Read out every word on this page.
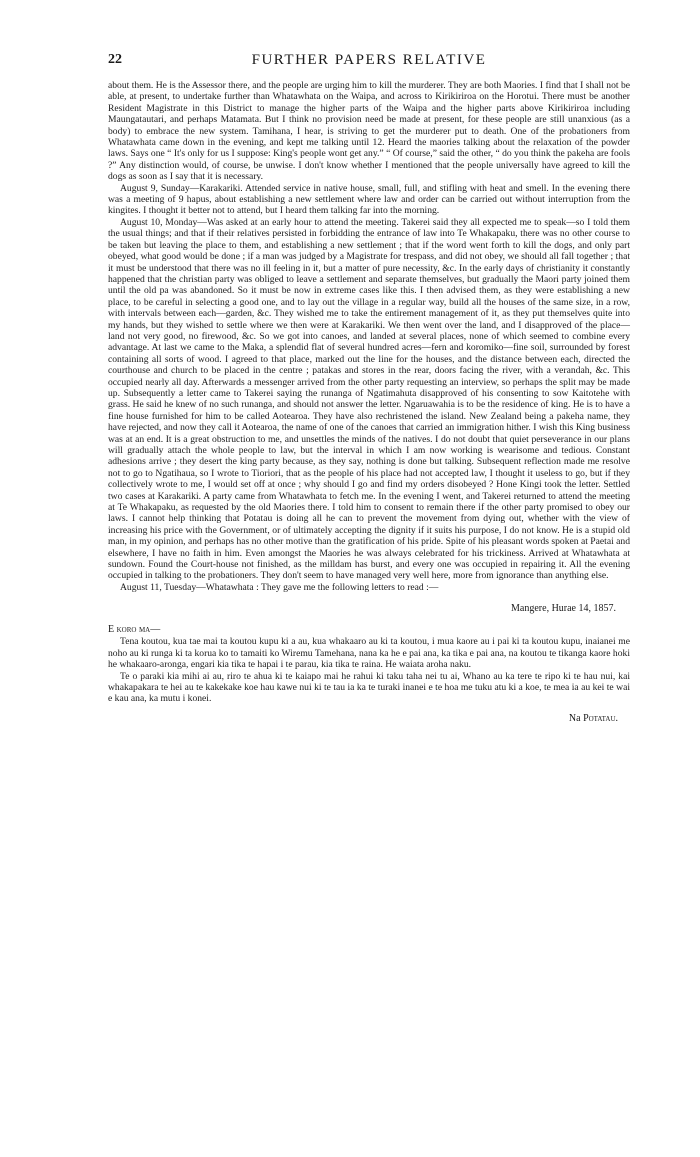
22	FURTHER PAPERS RELATIVE

about them. He is the Assessor there, and the people are urging him to kill the murderer. They are both Maories. I find that I shall not be able, at present, to undertake further than Whatawhata on the Waipa, and across to Kirikiriroa on the Horotui. There must be another Resident Magistrate in this District to manage the higher parts of the Waipa and the higher parts above Kirikiriroa including Maungatautari, and perhaps Matamata. But I think no provision need be made at present, for these people are still unanxious (as a body) to embrace the new system. Tamihana, I hear, is striving to get the murderer put to death. One of the probationers from Whatawhata came down in the evening, and kept me talking until 12. Heard the maories talking about the relaxation of the powder laws. Says one “ It's only for us I suppose: King's people wont get any.” “ Of course,” said the other, “ do you think the pakeha are fools ?” Any distinction would, of course, be unwise. I don't know whether I mentioned that the people universally have agreed to kill the dogs as soon as I say that it is necessary.

August 9, Sunday—Karakariki. Attended service in native house, small, full, and stifling with heat and smell. In the evening there was a meeting of 9 hapus, about establishing a new settlement where law and order can be carried out without interruption from the kingites. I thought it better not to attend, but I heard them talking far into the morning.

August 10, Monday—Was asked at an early hour to attend the meeting. Takerei said they all expected me to speak—so I told them the usual things; and that if their relatives persisted in forbidding the entrance of law into Te Whakapaku, there was no other course to be taken but leaving the place to them, and establishing a new settlement ; that if the word went forth to kill the dogs, and only part obeyed, what good would be done ; if a man was judged by a Magistrate for trespass, and did not obey, we should all fall together ; that it must be understood that there was no ill feeling in it, but a matter of pure necessity, &c. In the early days of christianity it constantly happened that the christian party was obliged to leave a settlement and separate themselves, but gradually the Maori party joined them until the old pa was abandoned. So it must be now in extreme cases like this. I then advised them, as they were establishing a new place, to be careful in selecting a good one, and to lay out the village in a regular way, build all the houses of the same size, in a row, with intervals between each—garden, &c. They wished me to take the entirement management of it, as they put themselves quite into my hands, but they wished to settle where we then were at Karakariki. We then went over the land, and I disapproved of the place—land not very good, no firewood, &c. So we got into canoes, and landed at several places, none of which seemed to combine every advantage. At last we came to the Maka, a splendid flat of several hundred acres—fern and koromiko—fine soil, surrounded by forest containing all sorts of wood. I agreed to that place, marked out the line for the houses, and the distance between each, directed the courthouse and church to be placed in the centre ; patakas and stores in the rear, doors facing the river, with a verandah, &c. This occupied nearly all day. Afterwards a messenger arrived from the other party requesting an interview, so perhaps the split may be made up. Subsequently a letter came to Takerei saying the runanga of Ngatimahuta disapproved of his consenting to sow Kaitotehe with grass. He said he knew of no such runanga, and should not answer the letter. Ngaruawahia is to be the residence of king. He is to have a fine house furnished for him to be called Aotearoa. They have also rechristened the island. New Zealand being a pakeha name, they have rejected, and now they call it Aotearoa, the name of one of the canoes that carried an immigration hither. I wish this King business was at an end. It is a great obstruction to me, and unsettles the minds of the natives. I do not doubt that quiet perseverance in our plans will gradually attach the whole people to law, but the interval in which I am now working is wearisome and tedious. Constant adhesions arrive ; they desert the king party because, as they say, nothing is done but talking. Subsequent reflection made me resolve not to go to Ngatihaua, so I wrote to Tioriori, that as the people of his place had not accepted law, I thought it useless to go, but if they collectively wrote to me, I would set off at once ; why should I go and find my orders disobeyed ? Hone Kingi took the letter. Settled two cases at Karakariki. A party came from Whatawhata to fetch me. In the evening I went, and Takerei returned to attend the meeting at Te Whakapaku, as requested by the old Maories there. I told him to consent to remain there if the other party promised to obey our laws. I cannot help thinking that Potatau is doing all he can to prevent the movement from dying out, whether with the view of increasing his price with the Government, or of ultimately accepting the dignity if it suits his purpose, I do not know. He is a stupid old man, in my opinion, and perhaps has no other motive than the gratification of his pride. Spite of his pleasant words spoken at Paetai and elsewhere, I have no faith in him. Even amongst the Maories he was always celebrated for his trickiness. Arrived at Whatawhata at sundown. Found the Court-house not finished, as the milldam has burst, and every one was occupied in repairing it. All the evening occupied in talking to the probationers. They don't seem to have managed very well here, more from ignorance than anything else.

August 11, Tuesday—Whatawhata : They gave me the following letters to read :—

Mangere, Hurae 14, 1857.
E koro ma—

Tena koutou, kua tae mai ta koutou kupu ki a au, kua whakaaro au ki ta koutou, i mua kaore au i pai ki ta koutou kupu, inaianei me noho au ki runga ki ta koruа ko to tamaiti ko Wiremu Tamehana, nana ka he e pai ana, ka tika e pai ana, na koutou te tikanga kaore hoki he whakaaro-arongа, engari kia tika te hapai i te parau, kia tika te raina. He waiata aroha naku.

Te o paraki kia mihi ai au, riro te ahua ki te kaiapo mai he rahui ki taku taha nei tu ai, Whano au ka tere te ripo ki te hau nui, kai whakapakara te hei au te kakekake koe hau kawe nui ki te tau ia ka te turaki inanei e te hoa me tuku atu ki a koe, te mea ia au kei te wai e kau ana, ka mutu i konei.

Na Potatau.
